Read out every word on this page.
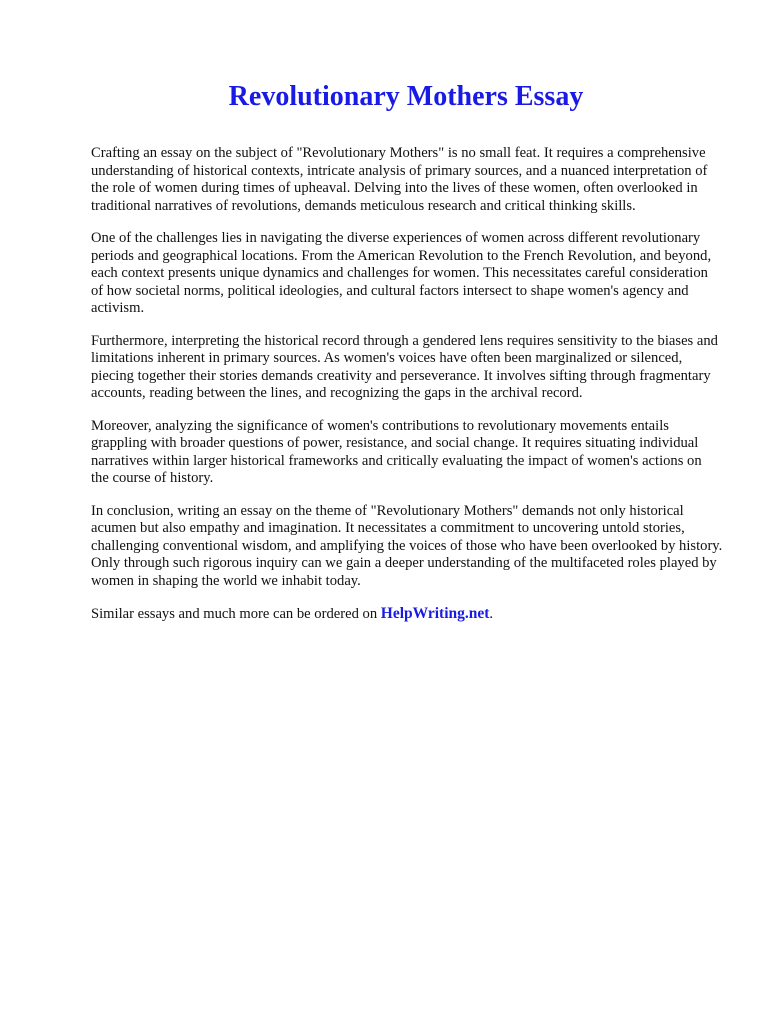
Revolutionary Mothers Essay

Crafting an essay on the subject of "Revolutionary Mothers" is no small feat. It requires a comprehensive understanding of historical contexts, intricate analysis of primary sources, and a nuanced interpretation of the role of women during times of upheaval. Delving into the lives of these women, often overlooked in traditional narratives of revolutions, demands meticulous research and critical thinking skills.

One of the challenges lies in navigating the diverse experiences of women across different revolutionary periods and geographical locations. From the American Revolution to the French Revolution, and beyond, each context presents unique dynamics and challenges for women. This necessitates careful consideration of how societal norms, political ideologies, and cultural factors intersect to shape women's agency and activism.

Furthermore, interpreting the historical record through a gendered lens requires sensitivity to the biases and limitations inherent in primary sources. As women's voices have often been marginalized or silenced, piecing together their stories demands creativity and perseverance. It involves sifting through fragmentary accounts, reading between the lines, and recognizing the gaps in the archival record.

Moreover, analyzing the significance of women's contributions to revolutionary movements entails grappling with broader questions of power, resistance, and social change. It requires situating individual narratives within larger historical frameworks and critically evaluating the impact of women's actions on the course of history.

In conclusion, writing an essay on the theme of "Revolutionary Mothers" demands not only historical acumen but also empathy and imagination. It necessitates a commitment to uncovering untold stories, challenging conventional wisdom, and amplifying the voices of those who have been overlooked by history. Only through such rigorous inquiry can we gain a deeper understanding of the multifaceted roles played by women in shaping the world we inhabit today.

Similar essays and much more can be ordered on HelpWriting.net.
